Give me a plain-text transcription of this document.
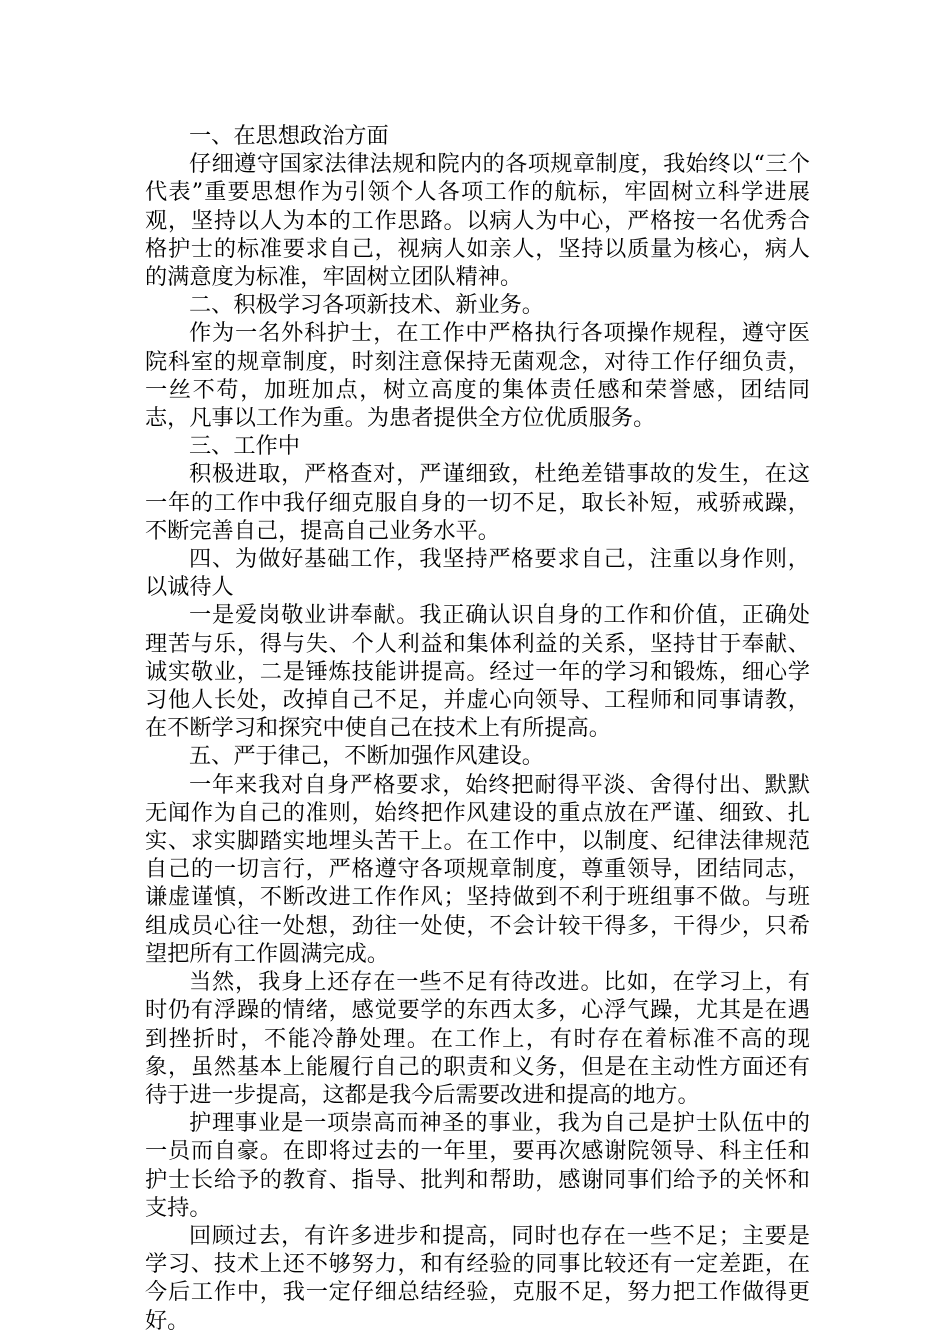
一、在思想政治方面

仔细遵守国家法律法规和院内的各项规章制度，我始终以“三个代表”重要思想作为引领个人各项工作的航标，牢固树立科学进展观，坚持以人为本的工作思路。以病人为中心，严格按一名优秀合格护士的标准要求自己，视病人如亲人，坚持以质量为核心，病人的满意度为标准，牢固树立团队精神。

二、积极学习各项新技术、新业务。

作为一名外科护士，在工作中严格执行各项操作规程，遵守医院科室的规章制度，时刻注意保持无菌观念，对待工作仔细负责，一丝不苟，加班加点，树立高度的集体责任感和荣誉感，团结同志，凡事以工作为重。为患者提供全方位优质服务。

三、工作中

积极进取，严格查对，严谨细致，杜绝差错事故的发生，在这一年的工作中我仔细克服自身的一切不足，取长补短，戒骄戒躁，不断完善自己，提高自己业务水平。

四、为做好基础工作，我坚持严格要求自己，注重以身作则，以诚待人

一是爱岗敬业讲奉献。我正确认识自身的工作和价值，正确处理苦与乐，得与失、个人利益和集体利益的关系，坚持甘于奉献、诚实敬业，二是锤炼技能讲提高。经过一年的学习和锻炼，细心学习他人长处，改掉自己不足，并虚心向领导、工程师和同事请教，在不断学习和探究中使自己在技术上有所提高。

五、严于律己，不断加强作风建设。

一年来我对自身严格要求，始终把耐得平淡、舍得付出、默默无闻作为自己的准则，始终把作风建设的重点放在严谨、细致、扎实、求实脚踏实地埋头苦干上。在工作中，以制度、纪律法律规范自己的一切言行，严格遵守各项规章制度，尊重领导，团结同志，谦虚谨慎，不断改进工作作风；坚持做到不利于班组事不做。与班组成员心往一处想，劲往一处使，不会计较干得多，干得少，只希望把所有工作圆满完成。

当然，我身上还存在一些不足有待改进。比如，在学习上，有时仍有浮躁的情绪，感觉要学的东西太多，心浮气躁，尤其是在遇到挫折时，不能冷静处理。在工作上，有时存在着标准不高的现象，虽然基本上能履行自己的职责和义务，但是在主动性方面还有待于进一步提高，这都是我今后需要改进和提高的地方。

护理事业是一项崇高而神圣的事业，我为自己是护士队伍中的一员而自豪。在即将过去的一年里，要再次感谢院领导、科主任和护士长给予的教育、指导、批判和帮助，感谢同事们给予的关怀和支持。

回顾过去，有许多进步和提高，同时也存在一些不足；主要是学习、技术上还不够努力，和有经验的同事比较还有一定差距，在今后工作中，我一定仔细总结经验，克服不足，努力把工作做得更好。
